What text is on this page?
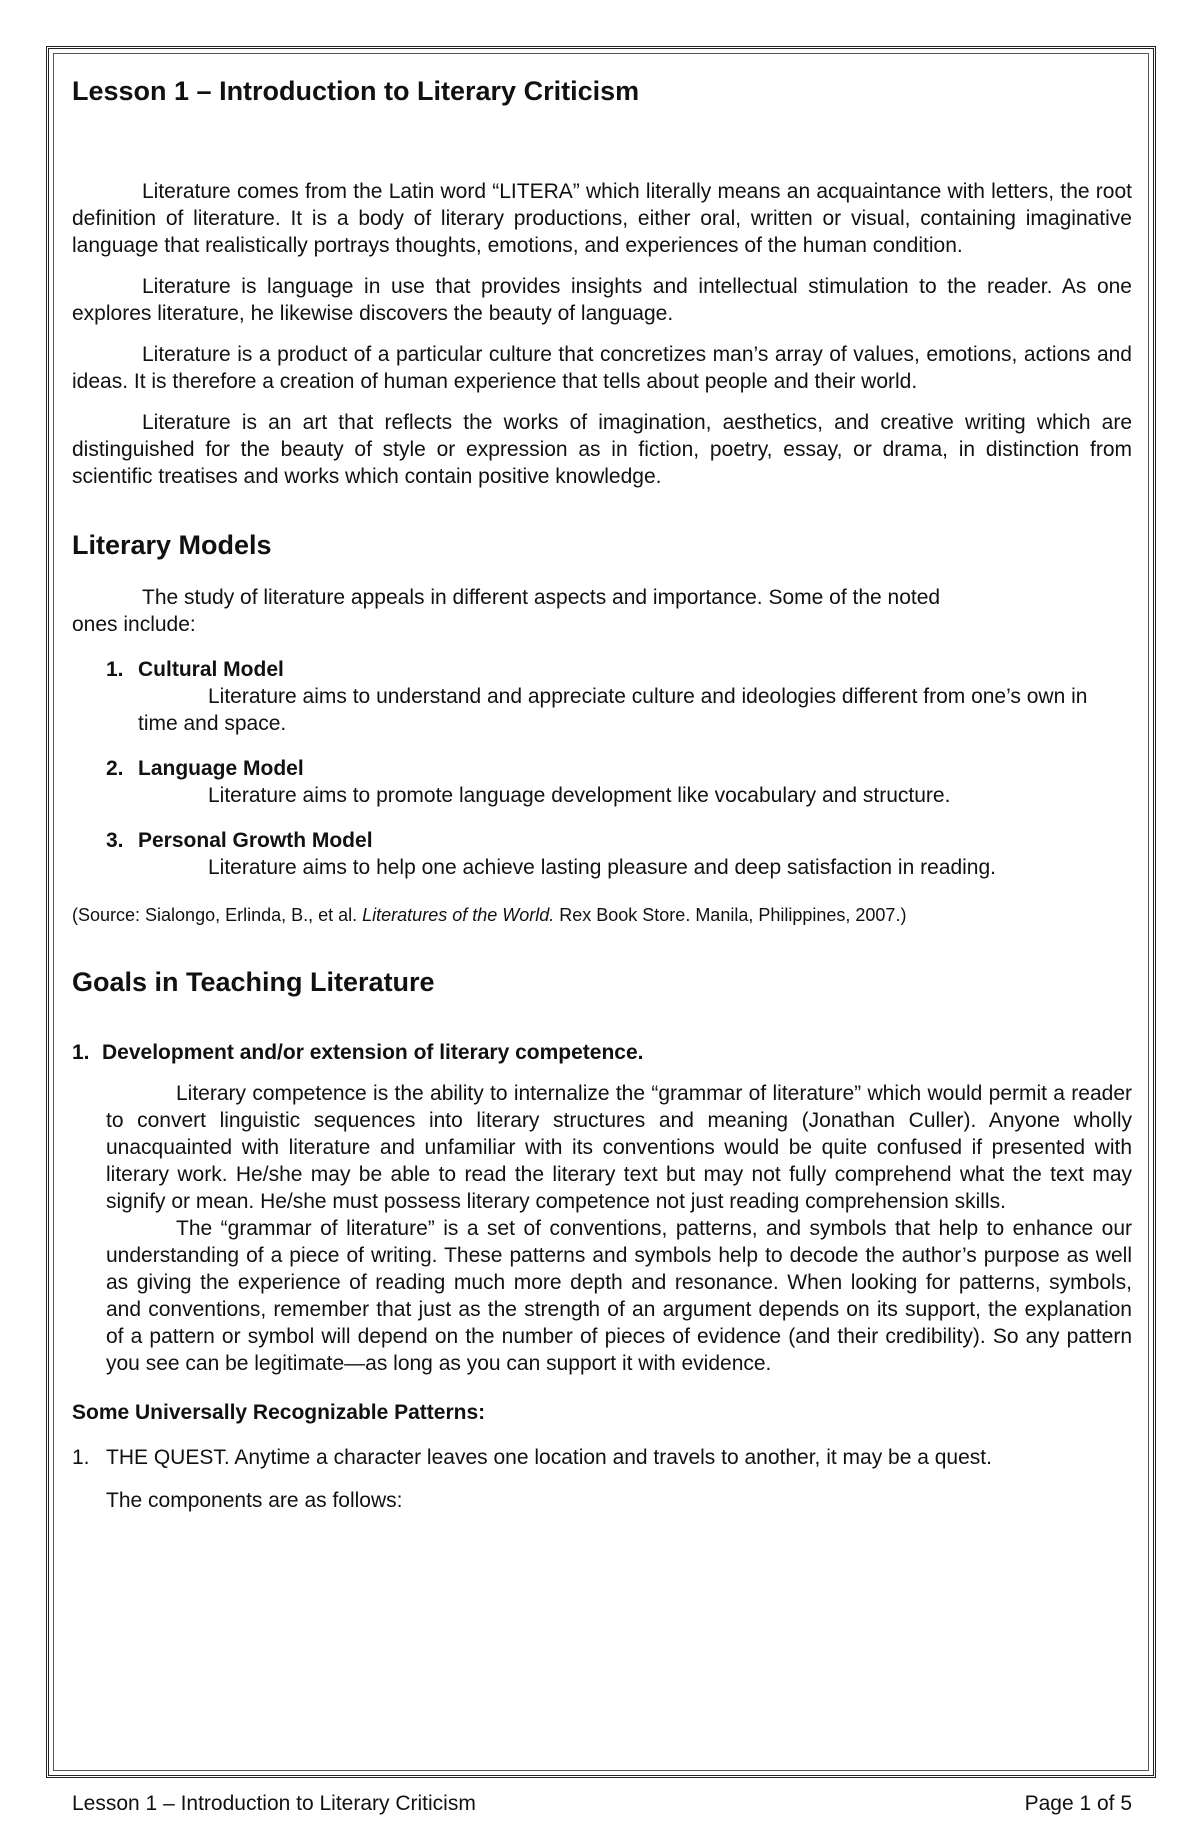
Lesson 1 – Introduction to Literary Criticism

Literature comes from the Latin word “LITERA” which literally means an acquaintance with letters, the root definition of literature. It is a body of literary productions, either oral, written or visual, containing imaginative language that realistically portrays thoughts, emotions, and experiences of the human condition.

Literature is language in use that provides insights and intellectual stimulation to the reader. As one explores literature, he likewise discovers the beauty of language.

Literature is a product of a particular culture that concretizes man’s array of values, emotions, actions and ideas. It is therefore a creation of human experience that tells about people and their world.

Literature is an art that reflects the works of imagination, aesthetics, and creative writing which are distinguished for the beauty of style or expression as in fiction, poetry, essay, or drama, in distinction from scientific treatises and works which contain positive knowledge.

Literary Models
The study of literature appeals in different aspects and importance. Some of the noted
ones include:
1. Cultural Model
Literature aims to understand and appreciate culture and ideologies different from one’s own in time and space.
2. Language Model
Literature aims to promote language development like vocabulary and structure.
3. Personal Growth Model
Literature aims to help one achieve lasting pleasure and deep satisfaction in reading.
(Source: Sialongo, Erlinda, B., et al. Literatures of the World. Rex Book Store. Manila, Philippines, 2007.)
Goals in Teaching Literature
1. Development and/or extension of literary competence.

Literary competence is the ability to internalize the “grammar of literature” which would permit a reader to convert linguistic sequences into literary structures and meaning (Jonathan Culler). Anyone wholly unacquainted with literature and unfamiliar with its conventions would be quite confused if presented with literary work. He/she may be able to read the literary text but may not fully comprehend what the text may signify or mean. He/she must possess literary competence not just reading comprehension skills.

The “grammar of literature” is a set of conventions, patterns, and symbols that help to enhance our understanding of a piece of writing. These patterns and symbols help to decode the author’s purpose as well as giving the experience of reading much more depth and resonance. When looking for patterns, symbols, and conventions, remember that just as the strength of an argument depends on its support, the explanation of a pattern or symbol will depend on the number of pieces of evidence (and their credibility). So any pattern you see can be legitimate—as long as you can support it with evidence.

Some Universally Recognizable Patterns:
1. THE QUEST. Anytime a character leaves one location and travels to another, it may be a quest.
The components are as follows:
Lesson 1 – Introduction to Literary Criticism	Page 1 of 5
